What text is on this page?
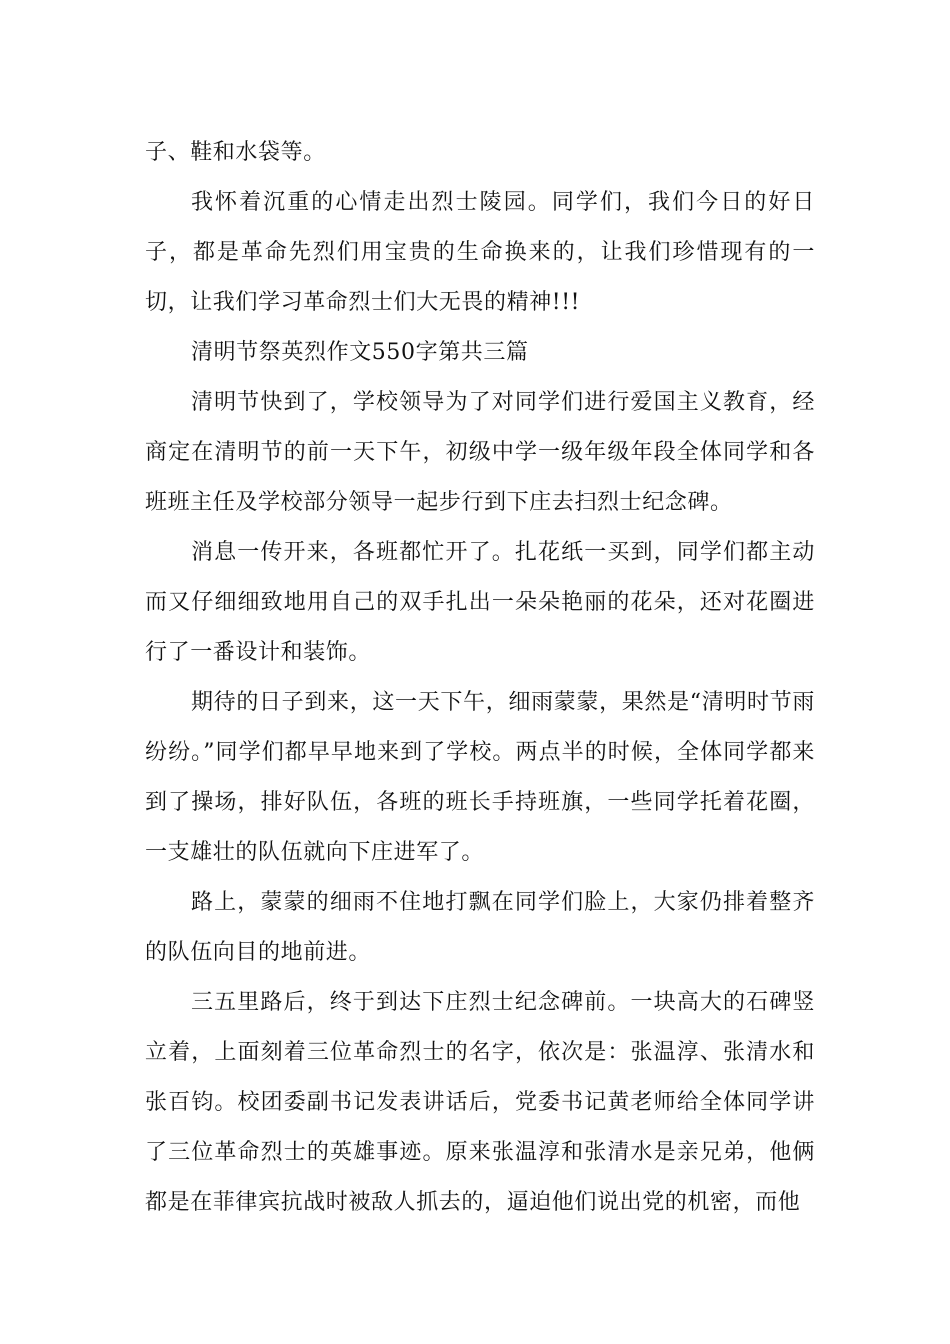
子、鞋和水袋等。

我怀着沉重的心情走出烈士陵园。同学们，我们今日的好日子，都是革命先烈们用宝贵的生命换来的，让我们珍惜现有的一切，让我们学习革命烈士们大无畏的精神!!!

清明节祭英烈作文550字第共三篇

清明节快到了，学校领导为了对同学们进行爱国主义教育，经商定在清明节的前一天下午，初级中学一级年级年段全体同学和各班班主任及学校部分领导一起步行到下庄去扫烈士纪念碑。

消息一传开来，各班都忙开了。扎花纸一买到，同学们都主动而又仔细细致地用自己的双手扎出一朵朵艳丽的花朵，还对花圈进行了一番设计和装饰。

期待的日子到来，这一天下午，细雨蒙蒙，果然是“清明时节雨纷纷。”同学们都早早地来到了学校。两点半的时候，全体同学都来到了操场，排好队伍，各班的班长手持班旗，一些同学托着花圈，一支雄壮的队伍就向下庄进军了。

路上，蒙蒙的细雨不住地打飘在同学们脸上，大家仍排着整齐的队伍向目的地前进。

三五里路后，终于到达下庄烈士纪念碑前。一块高大的石碑竖立着，上面刻着三位革命烈士的名字，依次是：张温淳、张清水和张百钧。校团委副书记发表讲话后，党委书记黄老师给全体同学讲了三位革命烈士的英雄事迹。原来张温淳和张清水是亲兄弟，他俩都是在菲律宾抗战时被敌人抓去的，逼迫他们说出党的机密，而他
